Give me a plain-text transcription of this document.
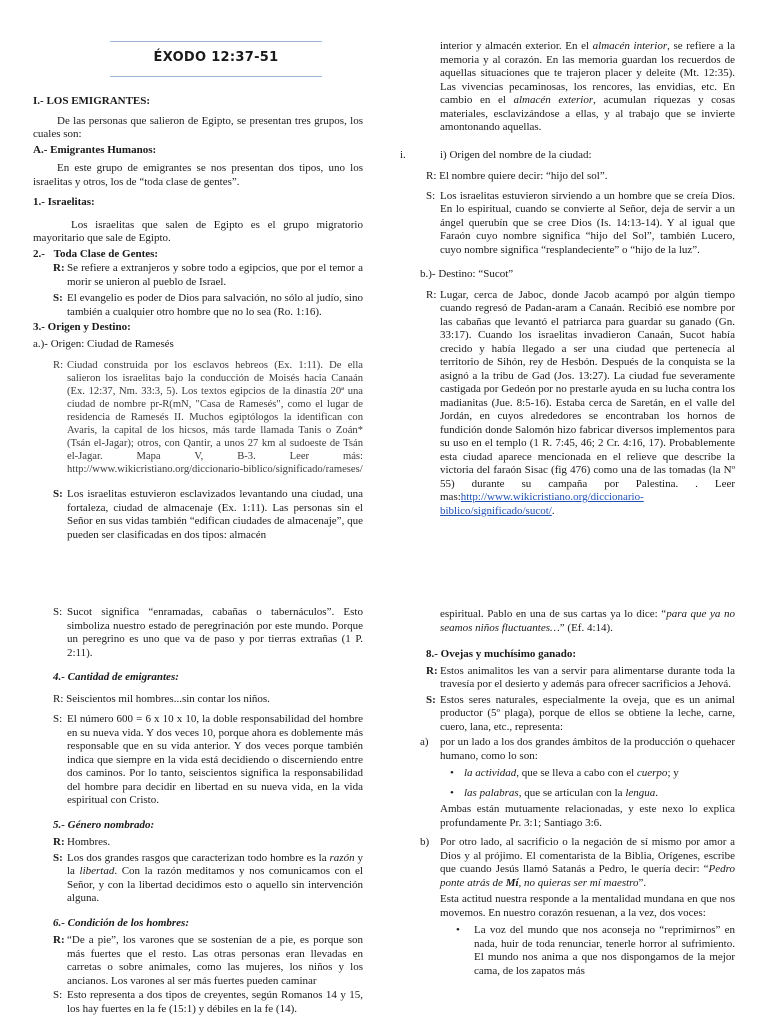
ÉXODO 12:37-51
I.- LOS EMIGRANTES:
De las personas que salieron de Egipto, se presentan tres grupos, los cuales son:
A.- Emigrantes Humanos:
En este grupo de emigrantes se nos presentan dos tipos, uno los israelitas y otros, los de “toda clase de gentes”.
1.- Israelitas:
Los israelitas que salen de Egipto es el grupo migratorio mayoritario que sale de Egipto.
2.- Toda Clase de Gentes:
R: Se refiere a extranjeros y sobre todo a egipcios, que por el temor a morir se unieron al pueblo de Israel.
S: El evangelio es poder de Dios para salvación, no sólo al judío, sino también a cualquier otro hombre que no lo sea (Ro. 1:16).
3.- Origen y Destino:
a.)- Origen: Ciudad de Ramesés
R: Ciudad construida por los esclavos hebreos (Ex. 1:11). De ella salieron los israelitas bajo la conducción de Moisés hacia Canaán (Ex. 12:37, Nm. 33:3, 5). Los textos egipcios de la dinastía 20ª una ciudad de nombre pr-R(mN, "Casa de Ramesés", como el lugar de residencia de Ramesés II. Muchos egiptólogos la identifican con Avaris, la capital de los hicsos, más tarde llamada Tanis o Zoán* (Tsán el-Jagar); otros, con Qantir, a unos 27 km al sudoeste de Tsán el-Jagar. Mapa V, B-3. Leer más: http://www.wikicristiano.org/diccionario-biblico/significado/rameses/
S: Los israelitas estuvieron esclavizados levantando una ciudad, una fortaleza, ciudad de almacenaje (Ex. 1:11). Las personas sin el Señor en sus vidas también “edifican ciudades de almacenaje”, que pueden ser clasificadas en dos tipos: almacén
interior y almacén exterior. En el almacén interior, se refiere a la memoria y al corazón. En las memoria guardan los recuerdos de aquellas situaciones que te trajeron placer y deleite (Mt. 12:35). Las vivencias pecaminosas, los rencores, las envidias, etc. En cambio en el almacén exterior, acumulan riquezas y cosas materiales, esclavizándose a ellas, y al trabajo que se invierte amontonando aquellas.
i.	i) Origen del nombre de la ciudad:
R: El nombre quiere decir: “hijo del sol”.
S: Los israelitas estuvieron sirviendo a un hombre que se creía Dios. En lo espiritual, cuando se convierte al Señor, deja de servir a un ángel querubín que se cree Dios (Is. 14:13-14). Y al igual que Faraón cuyo nombre significa “hijo del Sol”, también Lucero, cuyo nombre significa “resplandeciente” o “hijo de la luz”.
b.)- Destino: “Sucot”
R: Lugar, cerca de Jaboc, donde Jacob acampó por algún tiempo cuando regresó de Padan-aram a Canaán. Recibió ese nombre por las cabañas que levantó el patriarca para guardar su ganado (Gn. 33:17). Cuando los israelitas invadieron Canaán, Sucot había crecido y había llegado a ser una ciudad que pertenecía al territorio de Sihón, rey de Hesbón. Después de la conquista se la asignó a la tribu de Gad (Jos. 13:27). La ciudad fue severamente castigada por Gedeón por no prestarle ayuda en su lucha contra los madianitas (Jue. 8:5-16). Estaba cerca de Saretán, en el valle del Jordán, en cuyos alrededores se encontraban los hornos de fundición donde Salomón hizo fabricar diversos implementos para su uso en el templo (1 R. 7:45, 46; 2 Cr. 4:16, 17). Probablemente esta ciudad aparece mencionada en el relieve que describe la victoria del faraón Sisac (fig 476) como una de las tomadas (la Nº 55) durante su campaña por Palestina. . Leer mas:http://www.wikicristiano.org/diccionario-biblico/significado/sucot/.
S: Sucot significa “enramadas, cabañas o tabernáculos”. Esto simboliza nuestro estado de peregrinación por este mundo. Porque un peregrino es uno que va de paso y por tierras extrañas (1 P. 2:11).
4.- Cantidad de emigrantes:
R: Seiscientos mil hombres...sin contar los niños.
S: El número 600 = 6 x 10 x 10, la doble responsabilidad del hombre en su nueva vida. Y dos veces 10, porque ahora es doblemente más responsable que en su vida anterior. Y dos veces porque también indica que siempre en la vida está decidiendo o discerniendo entre dos caminos. Por lo tanto, seiscientos significa la responsabilidad del hombre para decidir en libertad en su nueva vida, en la vida espiritual con Cristo.
5.- Género nombrado:
R: Hombres.
S: Los dos grandes rasgos que caracterizan todo hombre es la razón y la libertad. Con la razón meditamos y nos comunicamos con el Señor, y con la libertad decidimos esto o aquello sin intervención alguna.
6.- Condición de los hombres:
R: “De a pie”, los varones que se sostenían de a pie, es porque son más fuertes que el resto. Las otras personas eran llevadas en carretas o sobre animales, como las mujeres, los niños y los ancianos. Los varones al ser más fuertes pueden caminar
S: Esto representa a dos tipos de creyentes, según Romanos 14 y 15, los hay fuertes en la fe (15:1) y débiles en la fe (14).
espiritual. Pablo en una de sus cartas ya lo dice: “para que ya no seamos niños fluctuantes…” (Ef. 4:14).
8.- Ovejas y muchísimo ganado:
R: Estos animalitos les van a servir para alimentarse durante toda la travesía por el desierto y además para ofrecer sacrificios a Jehová.
S: Estos seres naturales, especialmente la oveja, que es un animal productor (5º plaga), porque de ellos se obtiene la leche, carne, cuero, lana, etc., representa:
a) por un lado a los dos grandes ámbitos de la producción o quehacer humano, como lo son:
• la actividad, que se lleva a cabo con el cuerpo; y
• las palabras, que se articulan con la lengua.
Ambas están mutuamente relacionadas, y este nexo lo explica profundamente Pr. 3:1; Santiago 3:6.
b) Por otro lado, al sacrificio o la negación de sí mismo por amor a Dios y al prójimo. El comentarista de la Biblia, Orígenes, escribe que cuando Jesús llamó Satanás a Pedro, le quería decir: “Pedro ponte atrás de Mí, no quieras ser mí maestro”.
Esta actitud nuestra responde a la mentalidad mundana en que nos movemos. En nuestro corazón resuenan, a la vez, dos voces:
• La voz del mundo que nos aconseja no “reprimirnos” en nada, huir de toda renunciar, tenerle horror al sufrimiento. El mundo nos anima a que nos dispongamos de la mejor cama, de los zapatos más
